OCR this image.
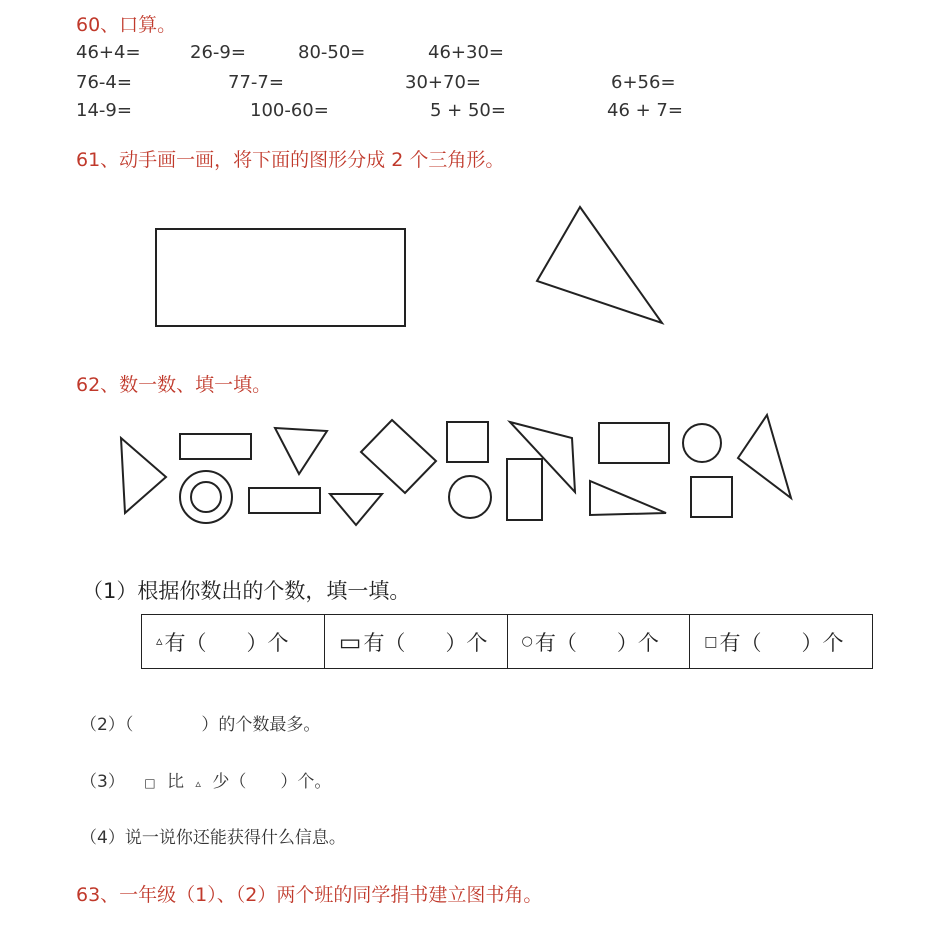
60、口算。
46+4=	26-9=	80-50=	46+30=
76-4=	77-7=	30+70=	6+56=
14-9=	100-60=	5 + 50=	46 + 7=
61、动手画一画，将下面的图形分成 2 个三角形。
62、数一数、填一填。
（1）根据你数出的个数，填一填。
▵ 有（ ）个 ▭ 有（ ）个	○ 有（ ）个	□ 有（ ）个
（2）（　　　　）的个数最多。
（3） □ 比 ▵ 少（　　）个。
（4）说一说你还能获得什么信息。
63、一年级（1）、（2）两个班的同学捐书建立图书角。
